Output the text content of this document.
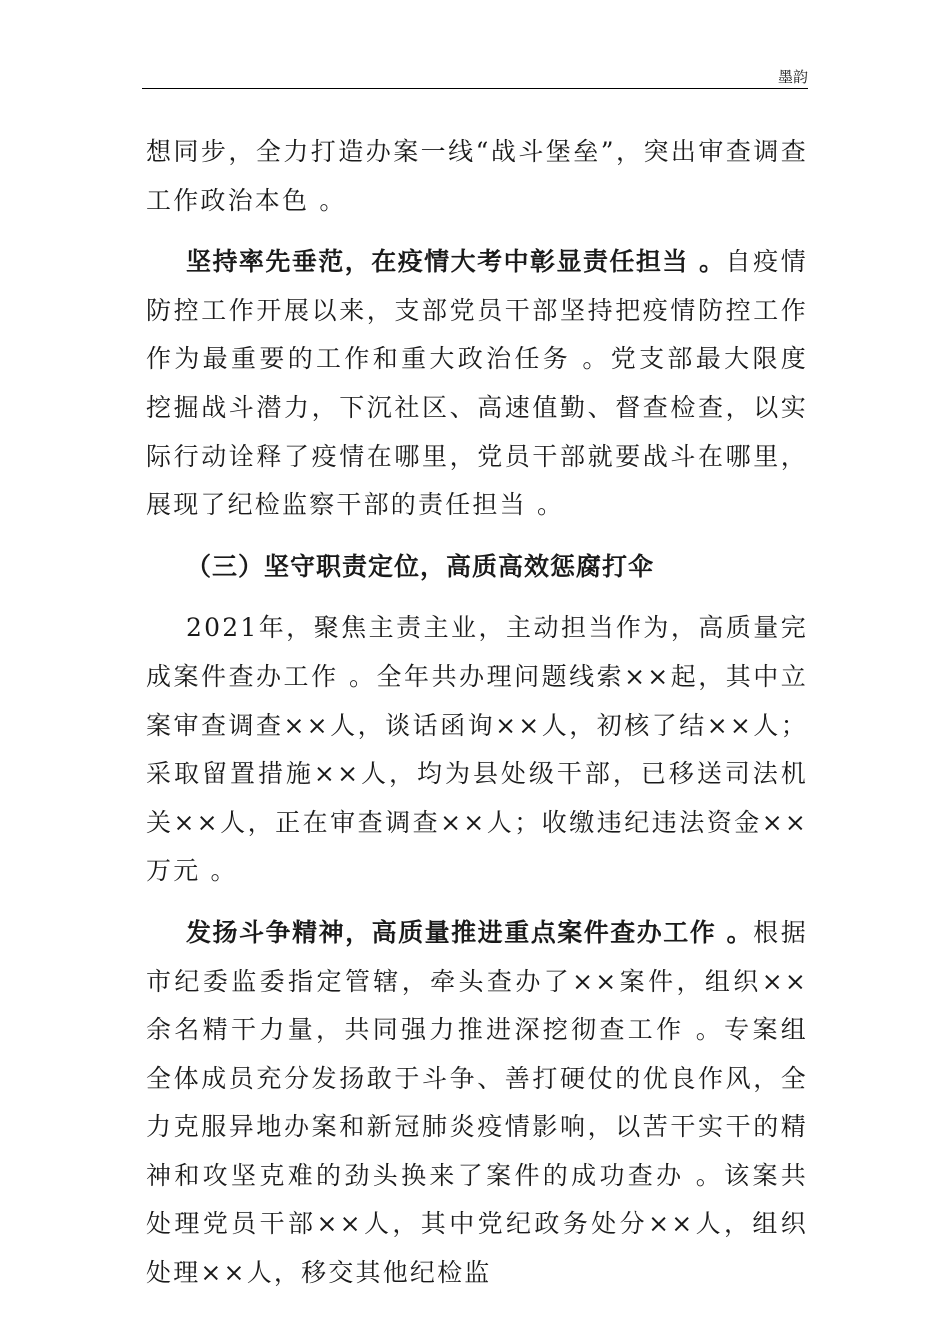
墨韵

想同步，全力打造办案一线“战斗堡垒”，突出审查调查工作政治本色 。

坚持率先垂范，在疫情大考中彰显责任担当 。自疫情防控工作开展以来，支部党员干部坚持把疫情防控工作作为最重要的工作和重大政治任务 。党支部最大限度挖掘战斗潜力，下沉社区、高速值勤、督查检查，以实际行动诠释了疫情在哪里，党员干部就要战斗在哪里，展现了纪检监察干部的责任担当 。

（三）坚守职责定位，高质高效惩腐打伞

2021年，聚焦主责主业，主动担当作为，高质量完成案件查办工作 。全年共办理问题线索××起，其中立案审查调查××人，谈话函询××人，初核了结××人；采取留置措施××人，均为县处级干部，已移送司法机关××人，正在审查调查××人；收缴违纪违法资金××万元 。

发扬斗争精神，高质量推进重点案件查办工作 。根据市纪委监委指定管辖，牵头查办了××案件，组织××余名精干力量，共同强力推进深挖彻查工作 。专案组全体成员充分发扬敢于斗争、善打硬仗的优良作风，全力克服异地办案和新冠肺炎疫情影响，以苦干实干的精神和攻坚克难的劲头换来了案件的成功查办 。该案共处理党员干部××人，其中党纪政务处分××人，组织处理××人，移交其他纪检监
